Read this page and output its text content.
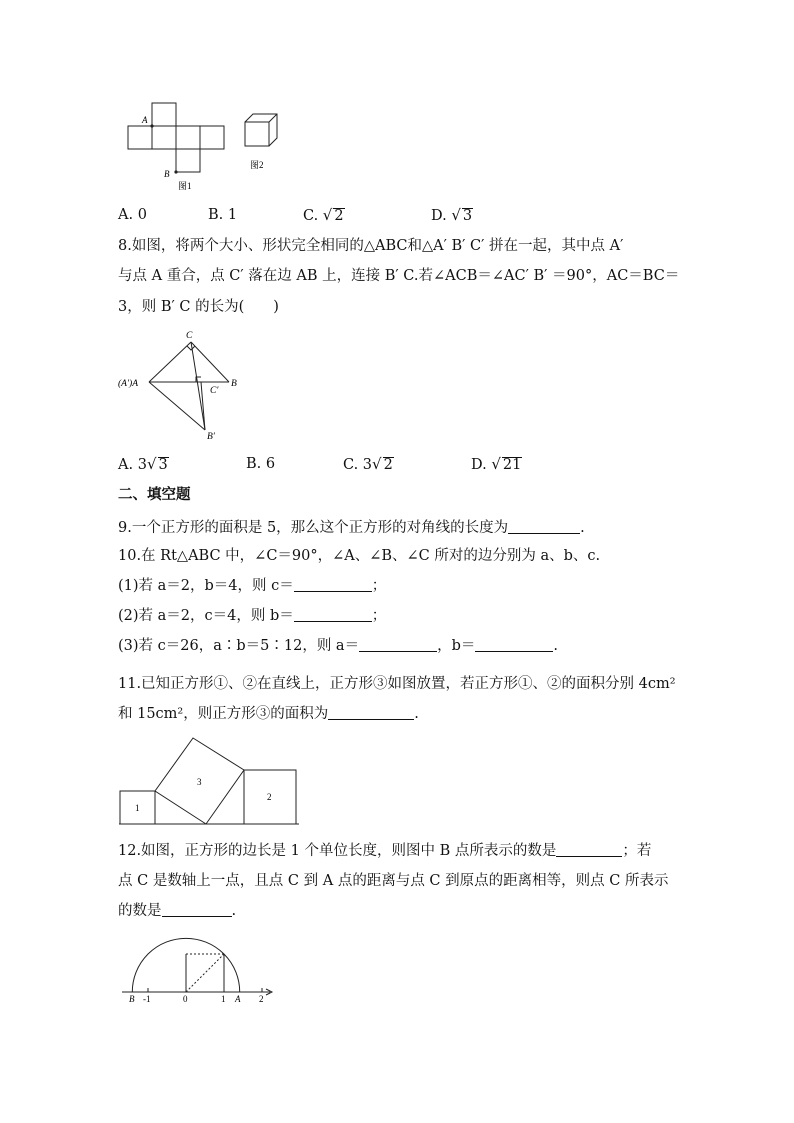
A
B
图1
图2
A. 0	B. 1	C. √ 2	D. √ 3
8.如图，将两个大小、形状完全相同的△ABC和△A′ B′ C′ 拼在一起，其中点 A′
与点 A 重合，点 C′ 落在边 AB 上，连接 B′ C.若∠ACB＝∠AC′ B′ ＝90°，AC＝BC＝
3，则 B′ C 的长为(　　)
C
(A′)A	B
C′
B′
A. 3√ 3	B. 6	C. 3√ 2	D. √ 21
二、填空题
9.一个正方形的面积是 5，那么这个正方形的对角线的长度为	.
10.在 Rt△ABC 中，∠C＝90°，∠A、∠B、∠C 所对的边分别为 a、b、c.
(1)若 a＝2，b＝4，则 c＝	；
(2)若 a＝2，c＝4，则 b＝	；
(3)若 c＝26，a∶b＝5∶12，则 a＝	，b＝	.
11.已知正方形①、②在直线上，正方形③如图放置，若正方形①、②的面积分别 4cm²
和 15cm²，则正方形③的面积为	.
1
2
3
12.如图，正方形的边长是 1 个单位长度，则图中 B 点所表示的数是	；若
点 C 是数轴上一点，且点 C 到 A 点的距离与点 C 到原点的距离相等，则点 C 所表示
的数是	.
B -1	0	1 A 2
